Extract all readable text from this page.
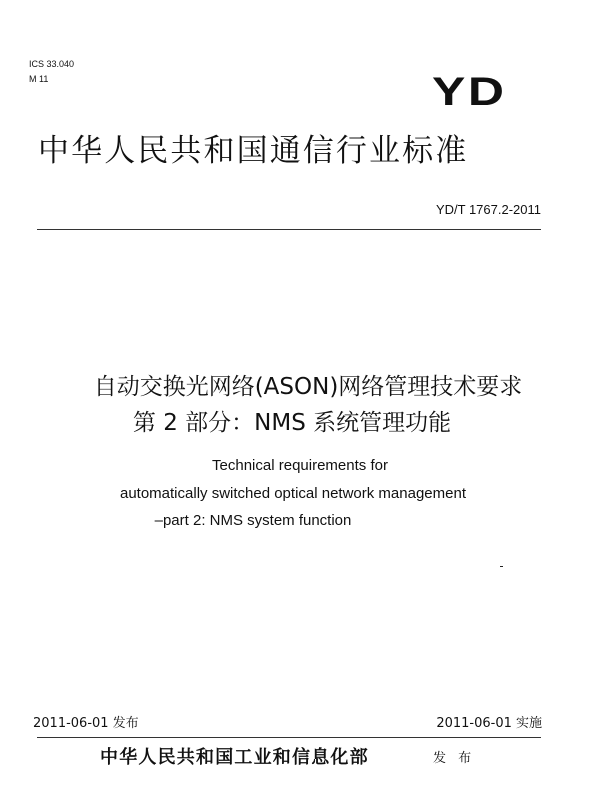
ICS 33.040
M 11	YD
中华人民共和国通信行业标准
YD/T 1767.2-2011
自动交换光网络(ASON)网络管理技术要求
第 2 部分：NMS 系统管理功能
Technical requirements for
automatically switched optical network management
–part 2: NMS system function
2011-06-01 发布	2011-06-01 实施
中华人民共和国工业和信息化部	发 布
